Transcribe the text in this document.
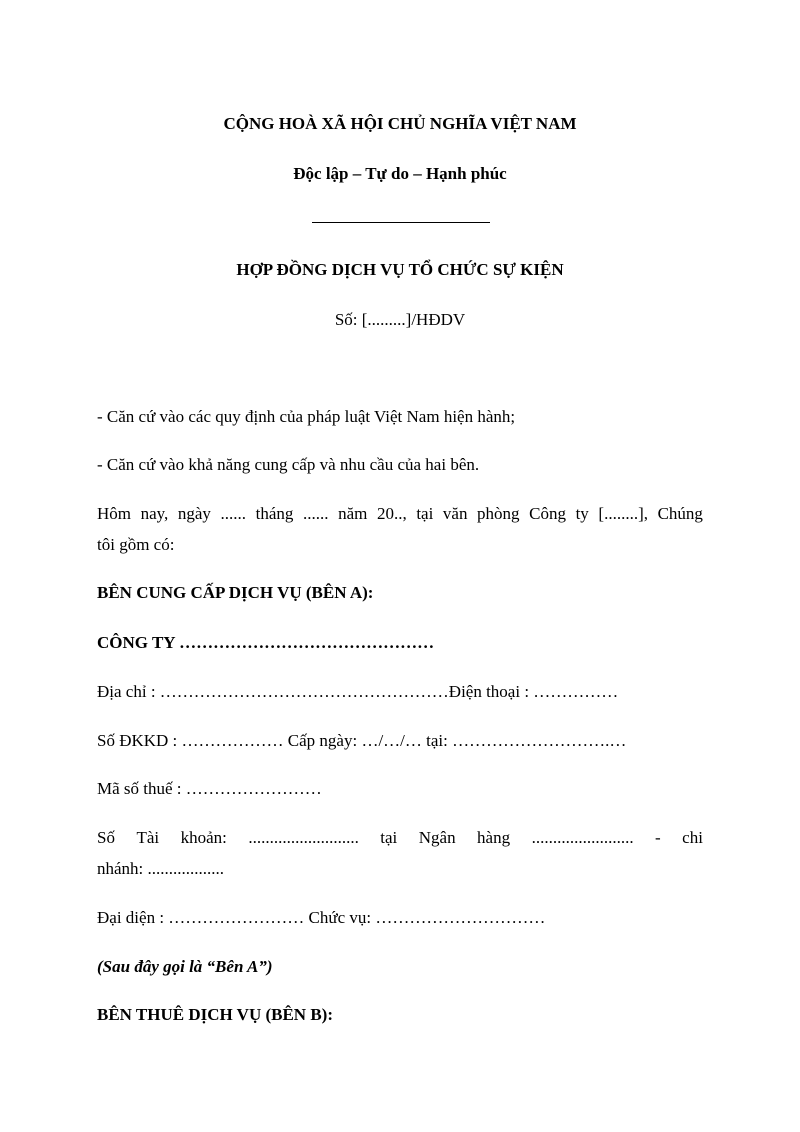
CỘNG HOÀ XÃ HỘI CHỦ NGHĨA VIỆT NAM
Độc lập – Tự do – Hạnh phúc
HỢP ĐỒNG DỊCH VỤ TỔ CHỨC SỰ KIỆN
Số: [.........]/HĐDV
- Căn cứ vào các quy định của pháp luật Việt Nam hiện hành;
- Căn cứ vào khả năng cung cấp và nhu cầu của hai bên.
Hôm nay, ngày ...... tháng ...... năm 20.., tại văn phòng Công ty [........], Chúng
tôi gồm có:
BÊN CUNG CẤP DỊCH VỤ (BÊN A):
CÔNG TY ………………………………………
Địa chỉ : ……………………………………………Điện thoại : ……………
Số ĐKKD : ……………… Cấp ngày: …/…/… tại: ……………………….…
Mã số thuế : ……………………
Số Tài khoản: .......................... tại Ngân hàng ........................ - chi
nhánh: ..................
Đại diện : …………………… Chức vụ: …………………………
(Sau đây gọi là “Bên A”)
BÊN THUÊ DỊCH VỤ (BÊN B):
